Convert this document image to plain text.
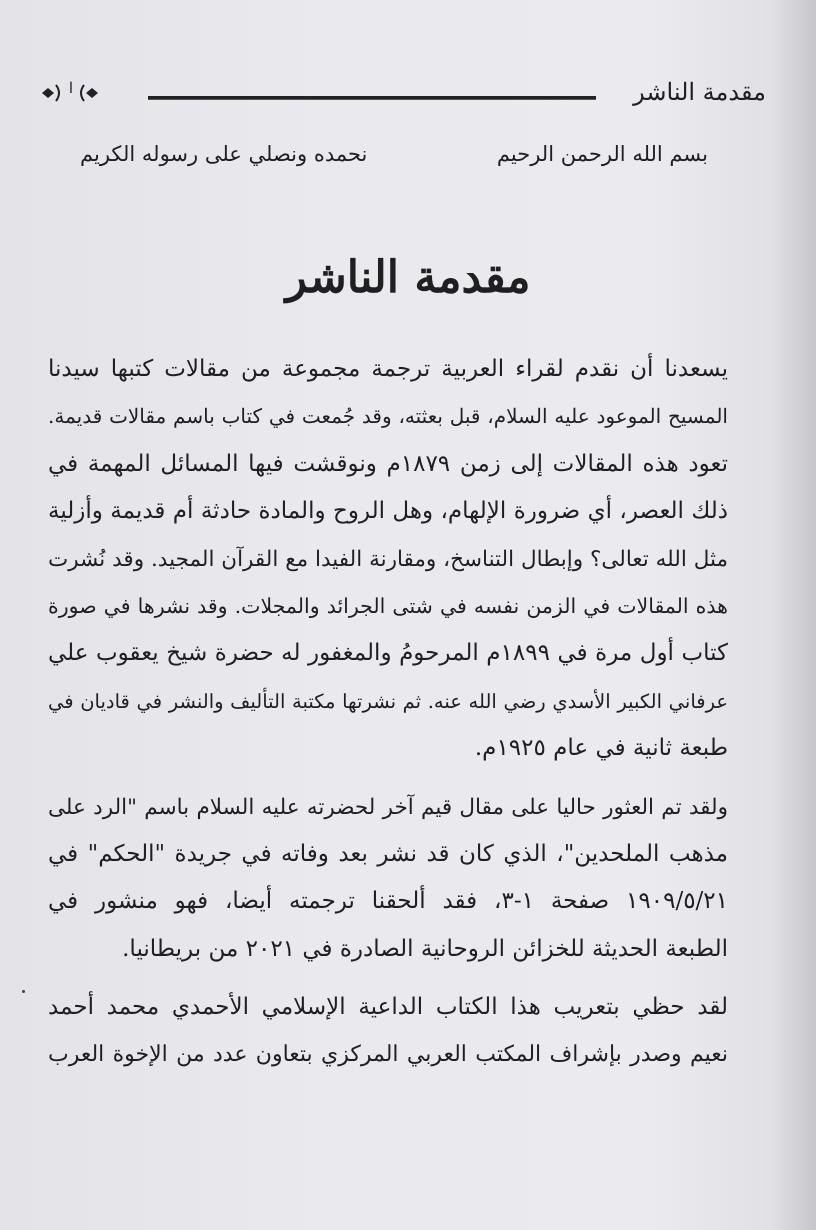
مقدمة الناشر
ا
بسم الله الرحمن الرحيم
نحمده ونصلي على رسوله الكريم
مقدمة الناشر
يسعدنا أن نقدم لقراء العربية ترجمة مجموعة من مقالات كتبها سيدنا
المسيح الموعود عليه السلام، قبل بعثته، وقد جُمعت في كتاب باسم مقالات قديمة.
تعود هذه المقالات إلى زمن ١٨٧٩م ونوقشت فيها المسائل المهمة في
ذلك العصر، أي ضرورة الإلهام، وهل الروح والمادة حادثة أم قديمة وأزلية
مثل الله تعالى؟ وإبطال التناسخ، ومقارنة الفيدا مع القرآن المجيد. وقد نُشرت
هذه المقالات في الزمن نفسه في شتى الجرائد والمجلات. وقد نشرها في صورة
كتاب أول مرة في ١٨٩٩م المرحومُ والمغفور له حضرة شيخ يعقوب علي
عرفاني الكبير الأسدي رضي الله عنه. ثم نشرتها مكتبة التأليف والنشر في قاديان في
طبعة ثانية في عام ١٩٢٥م.
ولقد تم العثور حاليا على مقال قيم آخر لحضرته عليه السلام باسم "الرد على
مذهب الملحدين"، الذي كان قد نشر بعد وفاته في جريدة "الحكم" في
١٩٠٩/٥/٢١ صفحة ١-٣، فقد ألحقنا ترجمته أيضا، فهو منشور في
الطبعة الحديثة للخزائن الروحانية الصادرة في ٢٠٢١ من بريطانيا.
لقد حظي بتعريب هذا الكتاب الداعية الإسلامي الأحمدي محمد أحمد
نعيم وصدر بإشراف المكتب العربي المركزي بتعاون عدد من الإخوة العرب
